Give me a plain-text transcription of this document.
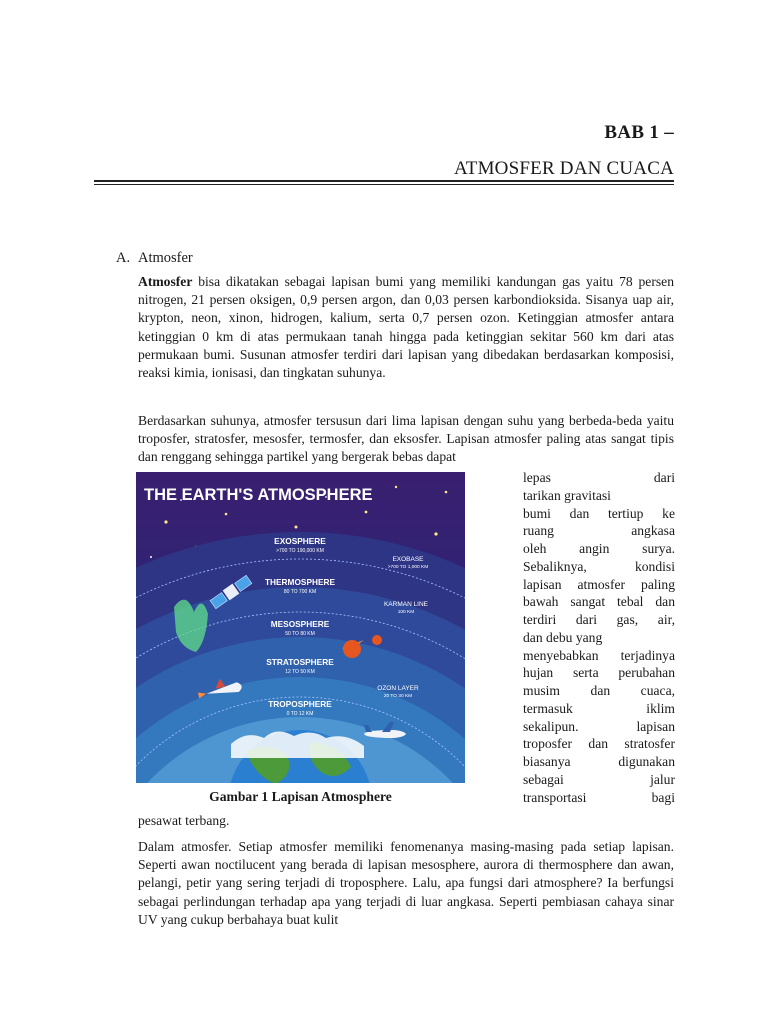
BAB 1 –
ATMOSFER DAN CUACA
A. Atmosfer

Atmosfer bisa dikatakan sebagai lapisan bumi yang memiliki kandungan gas yaitu 78 persen nitrogen, 21 persen oksigen, 0,9 persen argon, dan 0,03 persen karbondioksida. Sisanya uap air, krypton, neon, xinon, hidrogen, kalium, serta 0,7 persen ozon. Ketinggian atmosfer antara ketinggian 0 km di atas permukaan tanah hingga pada ketinggian sekitar 560 km dari atas permukaan bumi. Susunan atmosfer terdiri dari lapisan yang dibedakan berdasarkan komposisi, reaksi kimia, ionisasi, dan tingkatan suhunya.

Berdasarkan suhunya, atmosfer tersusun dari lima lapisan dengan suhu yang berbeda-beda yaitu troposfer, stratosfer, mesosfer, termosfer, dan eksosfer. Lapisan atmosfer paling atas sangat tipis dan renggang sehingga partikel yang bergerak bebas dapat

THE EARTH'S ATMOSPHERE
EXOSPHERE
>700 TO 190,000 KM
THERMOSPHERE
80 TO 700 KM
MESOSPHERE
50 TO 80 KM
STRATOSPHERE
12 TO 50 KM
TROPOSPHERE
0 TO 12 KM
EXOBASE
>700 TO 1,000 KM
KARMAN LINE
100 KM
OZON LAYER
20 TO 30 KM
Gambar 1 Lapisan Atmosphere
lepas dari
tarikan gravitasi
bumi dan tertiup ke
ruang angkasa
oleh angin surya.
Sebaliknya, kondisi
lapisan atmosfer paling
bawah sangat tebal dan
terdiri dari gas, air,
dan debu yang
menyebabkan terjadinya
hujan serta perubahan
musim dan cuaca,
termasuk iklim
sekalipun. lapisan
troposfer dan stratosfer
biasanya digunakan
sebagai jalur
transportasi bagi
pesawat terbang.

Dalam atmosfer. Setiap atmosfer memiliki fenomenanya masing-masing pada setiap lapisan. Seperti awan noctilucent yang berada di lapisan mesosphere, aurora di thermosphere dan awan, pelangi, petir yang sering terjadi di troposphere. Lalu, apa fungsi dari atmosphere? Ia berfungsi sebagai perlindungan terhadap apa yang terjadi di luar angkasa. Seperti pembiasan cahaya sinar UV yang cukup berbahaya buat kulit
